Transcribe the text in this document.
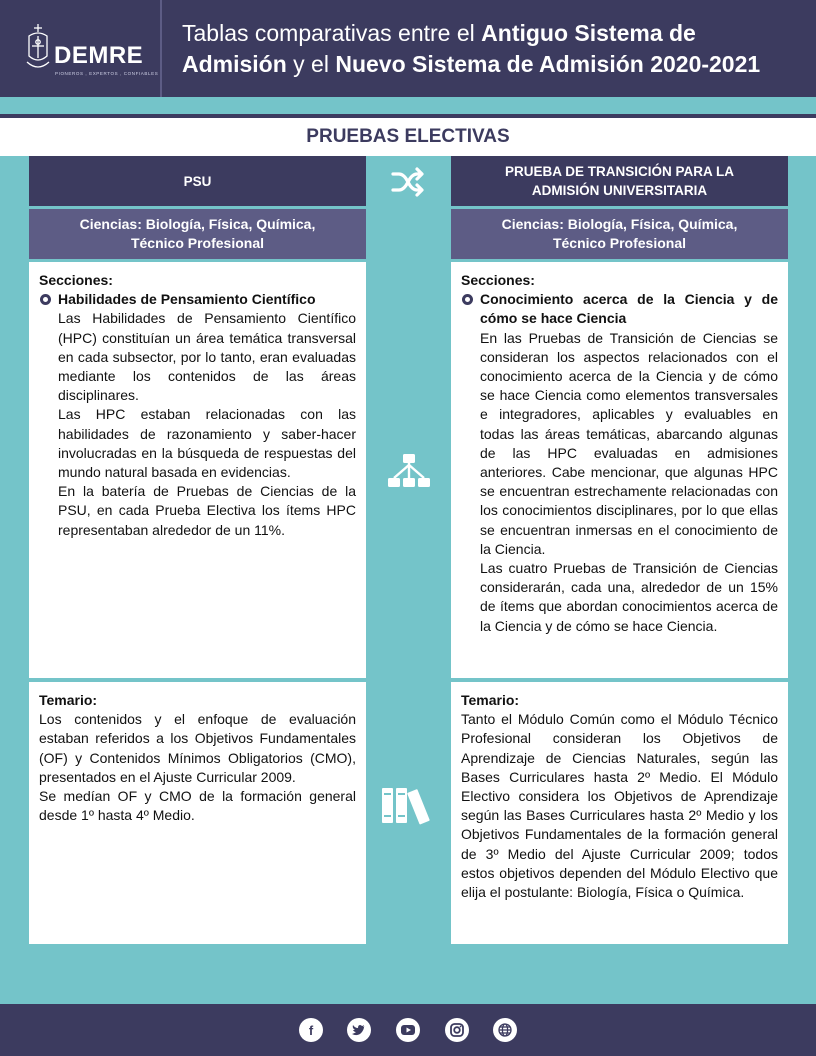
DEMRE
PIONEROS , EXPERTOS , CONFIABLES
Tablas comparativas entre el Antiguo Sistema de
Admisión y el Nuevo Sistema de Admisión 2020-2021
PRUEBAS ELECTIVAS
PSU
PRUEBA DE TRANSICIÓN PARA LA
ADMISIÓN UNIVERSITARIA
Ciencias: Biología, Física, Química,
Técnico Profesional
Ciencias: Biología, Física, Química,
Técnico Profesional
Secciones:
Habilidades de Pensamiento Científico
Las Habilidades de Pensamiento Científico (HPC) constituían un área temática transversal en cada subsector, por lo tanto, eran evaluadas mediante los contenidos de las áreas disciplinares.
Las HPC estaban relacionadas con las habilidades de razonamiento y saber-hacer involucradas en la búsqueda de respuestas del mundo natural basada en evidencias.
En la batería de Pruebas de Ciencias de la PSU, en cada Prueba Electiva los ítems HPC representaban alrededor de un 11%.
Secciones:
Conocimiento acerca de la Ciencia y de cómo se hace Ciencia
En las Pruebas de Transición de Ciencias se consideran los aspectos relacionados con el conocimiento acerca de la Ciencia y de cómo se hace Ciencia como elementos transversales e integradores, aplicables y evaluables en todas las áreas temáticas, abarcando algunas de las HPC evaluadas en admisiones anteriores. Cabe mencionar, que algunas HPC se encuentran estrechamente relacionadas con los conocimientos disciplinares, por lo que ellas se encuentran inmersas en el conocimiento de la Ciencia.
Las cuatro Pruebas de Transición de Ciencias considerarán, cada una, alrededor de un 15% de ítems que abordan conocimientos acerca de la Ciencia y de cómo se hace Ciencia.
Temario:
Los contenidos y el enfoque de evaluación estaban referidos a los Objetivos Fundamentales (OF) y Contenidos Mínimos Obligatorios (CMO), presentados en el Ajuste Curricular 2009.
Se medían OF y CMO de la formación general desde 1º hasta 4º Medio.
Temario:
Tanto el Módulo Común como el Módulo Técnico Profesional consideran los Objetivos de Aprendizaje de Ciencias Naturales, según las Bases Curriculares hasta 2º Medio. El Módulo Electivo considera los Objetivos de Aprendizaje según las Bases Curriculares hasta 2º Medio y los Objetivos Fundamentales de la formación general de 3º Medio del Ajuste Curricular 2009; todos estos objetivos dependen del Módulo Electivo que elija el postulante: Biología, Física o Química.
f
